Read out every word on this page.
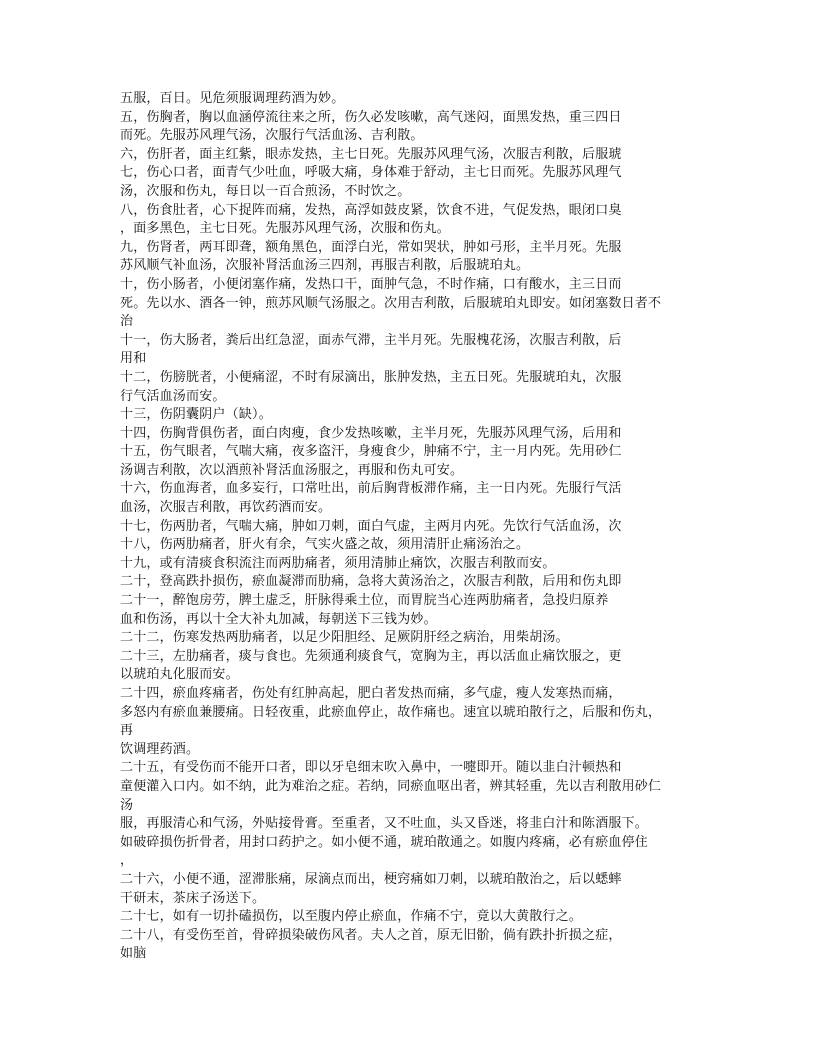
五服，百日。见危须服调理药酒为妙。
五，伤胸者，胸以血涵停流往来之所，伤久必发咳嗽，高气迷闷，面黑发热，重三四日
而死。先服苏风理气汤，次服行气活血汤、吉利散。
六，伤肝者，面主红紫，眼赤发热，主七日死。先服苏风理气汤，次服吉利散，后服琥
七，伤心口者，面青气少吐血，呼吸大痛，身体难于舒动，主七日而死。先服苏风理气
汤，次服和伤丸，每日以一百合煎汤，不时饮之。
八，伤食肚者，心下捉阵而痛，发热，高浮如鼓皮紧，饮食不进，气促发热，眼闭口臭
，面多黑色，主七日死。先服苏风理气汤，次服和伤丸。
九，伤肾者，两耳即聋，额角黑色，面浮白光，常如哭状，肿如弓形，主半月死。先服
苏风顺气补血汤，次服补肾活血汤三四剂，再服吉利散，后服琥珀丸。
十，伤小肠者，小便闭塞作痛，发热口干，面肿气急，不时作痛，口有酸水，主三日而
死。先以水、酒各一钟，煎苏风顺气汤服之。次用吉利散，后服琥珀丸即安。如闭塞数日者不
治
十一，伤大肠者，粪后出红急涩，面赤气滞，主半月死。先服槐花汤，次服吉利散，后
用和
十二，伤膀胱者，小便痛涩，不时有尿滴出，胀肿发热，主五日死。先服琥珀丸，次服
行气活血汤而安。
十三，伤阴囊阴户（缺）。
十四，伤胸背俱伤者，面白肉瘦，食少发热咳嗽，主半月死，先服苏风理气汤，后用和
十五，伤气眼者，气喘大痛，夜多盗汗，身瘦食少，肿痛不宁，主一月内死。先用砂仁
汤调吉利散，次以酒煎补肾活血汤服之，再服和伤丸可安。
十六，伤血海者，血多妄行，口常吐出，前后胸背板滞作痛，主一日内死。先服行气活
血汤，次服吉利散，再饮药酒而安。
十七，伤两肋者，气喘大痛，肿如刀刺，面白气虚，主两月内死。先饮行气活血汤，次
十八，伤两肋痛者，肝火有余，气实火盛之故，须用清肝止痛汤治之。
十九，或有清痰食积流注而两肋痛者，须用清肺止痛饮，次服吉利散而安。
二十，登高跌扑损伤，瘀血凝滞而肋痛，急将大黄汤治之，次服吉利散，后用和伤丸即
二十一，醉饱房劳，脾土虚乏，肝脉得乘土位，而胃脘当心连两肋痛者，急投归原养
血和伤汤，再以十全大补丸加减，每朝送下三钱为妙。
二十二，伤寒发热两肋痛者，以足少阳胆经、足厥阴肝经之病治，用柴胡汤。
二十三，左肋痛者，痰与食也。先须通利痰食气，宽胸为主，再以活血止痛饮服之，更
以琥珀丸化服而安。
二十四，瘀血疼痛者，伤处有红肿高起，肥白者发热而痛，多气虚，瘦人发寒热而痛，
多怒内有瘀血兼腰痛。日轻夜重，此瘀血停止，故作痛也。速宜以琥珀散行之，后服和伤丸，
再
饮调理药酒。
二十五，有受伤而不能开口者，即以牙皂细末吹入鼻中，一嚏即开。随以韭白汁顿热和
童便灌入口内。如不纳，此为难治之症。若纳，同瘀血呕出者，辨其轻重，先以吉利散用砂仁
汤
服，再服清心和气汤，外贴接骨膏。至重者，又不吐血，头又昏迷，将韭白汁和陈酒服下。
如破碎损伤折骨者，用封口药护之。如小便不通，琥珀散通之。如腹内疼痛，必有瘀血停住
，
二十六，小便不通，涩滞胀痛，尿滴点而出，梗窍痛如刀刺，以琥珀散治之，后以蟋蟀
干研末，茶床子汤送下。
二十七，如有一切扑磕损伤，以至腹内停止瘀血，作痛不宁，竟以大黄散行之。
二十八，有受伤至首，骨碎损染破伤风者。夫人之首，原无旧骱，倘有跌扑折损之症，
如脑
